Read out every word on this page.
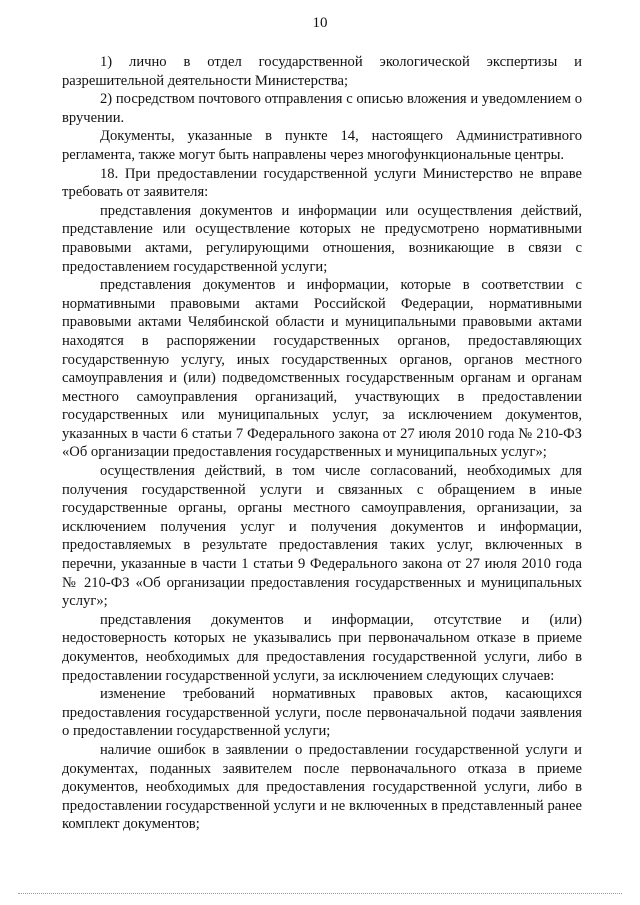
10

1) лично в отдел государственной экологической экспертизы и разрешительной деятельности Министерства;

2) посредством почтового отправления с описью вложения и уведомлением о вручении.

Документы, указанные в пункте 14, настоящего Административного регламента, также могут быть направлены через многофункциональные центры.

18. При предоставлении государственной услуги Министерство не вправе требовать от заявителя:

представления документов и информации или осуществления действий, представление или осуществление которых не предусмотрено нормативными правовыми актами, регулирующими отношения, возникающие в связи с предоставлением государственной услуги;

представления документов и информации, которые в соответствии с нормативными правовыми актами Российской Федерации, нормативными правовыми актами Челябинской области и муниципальными правовыми актами находятся в распоряжении государственных органов, предоставляющих государственную услугу, иных государственных органов, органов местного самоуправления и (или) подведомственных государственным органам и органам местного самоуправления организаций, участвующих в предоставлении государственных или муниципальных услуг, за исключением документов, указанных в части 6 статьи 7 Федерального закона от 27 июля 2010 года № 210-ФЗ «Об организации предоставления государственных и муниципальных услуг»;

осуществления действий, в том числе согласований, необходимых для получения государственной услуги и связанных с обращением в иные государственные органы, органы местного самоуправления, организации, за исключением получения услуг и получения документов и информации, предоставляемых в результате предоставления таких услуг, включенных в перечни, указанные в части 1 статьи 9 Федерального закона от 27 июля 2010 года № 210-ФЗ «Об организации предоставления государственных и муниципальных услуг»;

представления документов и информации, отсутствие и (или) недостоверность которых не указывались при первоначальном отказе в приеме документов, необходимых для предоставления государственной услуги, либо в предоставлении государственной услуги, за исключением следующих случаев:

изменение требований нормативных правовых актов, касающихся предоставления государственной услуги, после первоначальной подачи заявления о предоставлении государственной услуги;

наличие ошибок в заявлении о предоставлении государственной услуги и документах, поданных заявителем после первоначального отказа в приеме документов, необходимых для предоставления государственной услуги, либо в предоставлении государственной услуги и не включенных в представленный ранее комплект документов;
